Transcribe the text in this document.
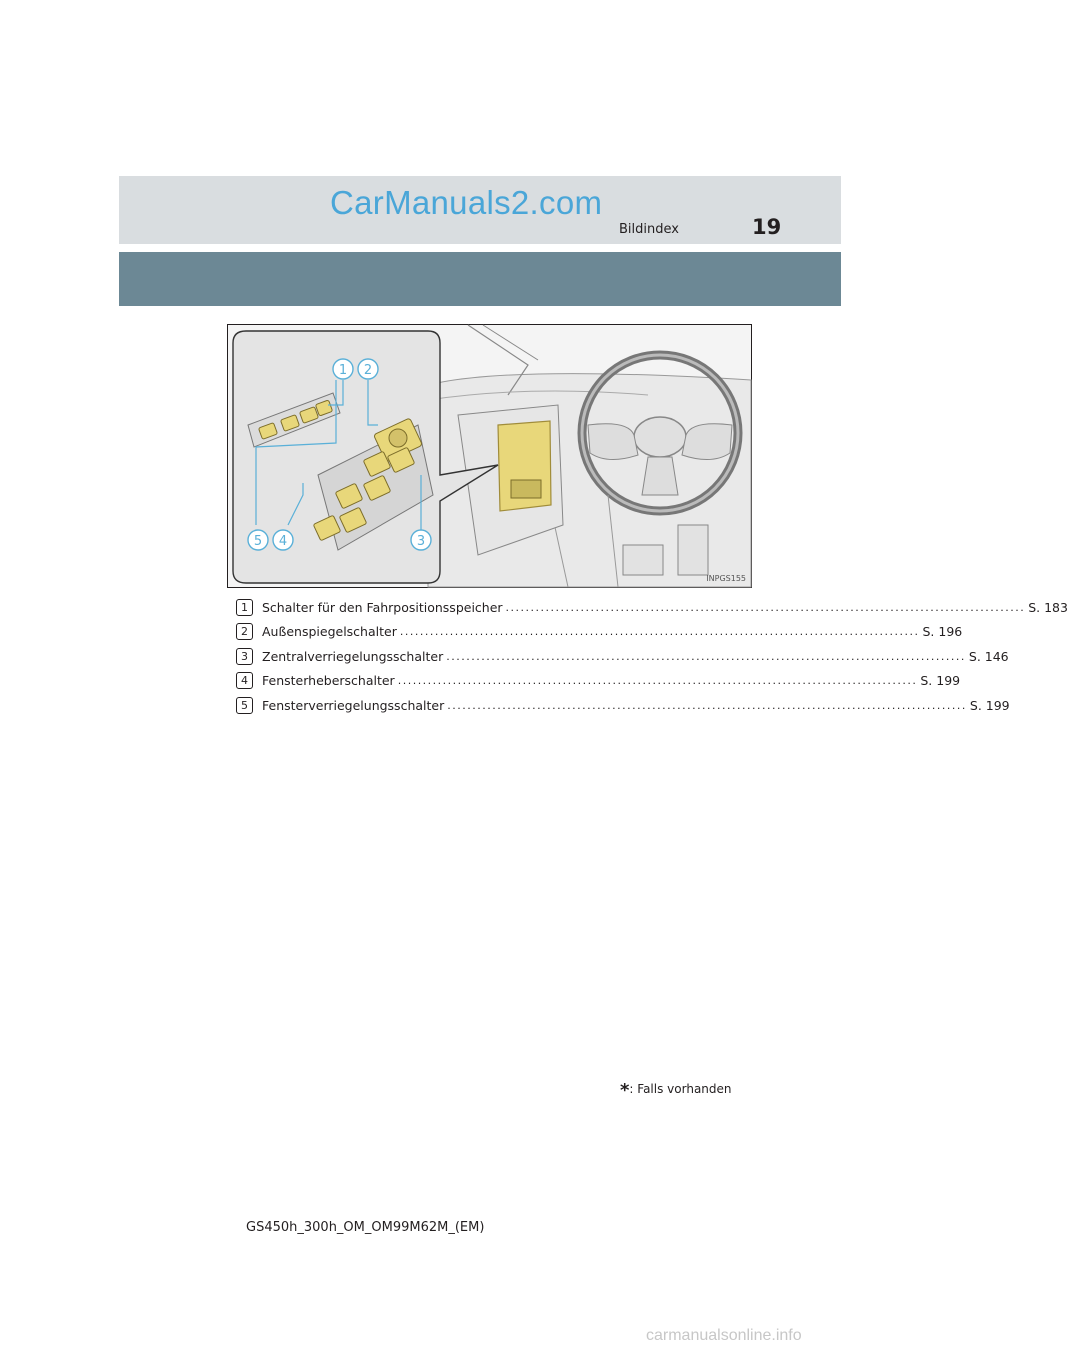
CarManuals2.com
Bildindex	19
1 2
3
4
5
INPGS155
1	Schalter für den Fahrpositionsspeicher ........................................................................................................ S. 183
2	Außenspiegelschalter ........................................................................................................ S. 196
3	Zentralverriegelungsschalter ........................................................................................................ S. 146
4	Fensterheberschalter ........................................................................................................ S. 199
5	Fensterverriegelungsschalter ........................................................................................................ S. 199
*: Falls vorhanden
GS450h_300h_OM_OM99M62M_(EM)
carmanualsonline.info
